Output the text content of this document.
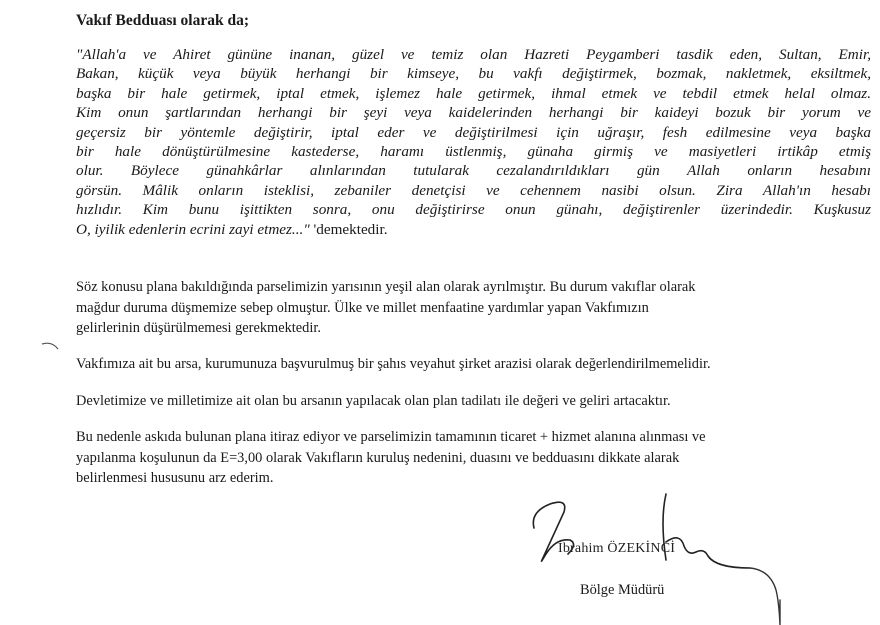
Vakıf Bedduası olarak da;

"Allah'a ve Ahiret gününe inanan, güzel ve temiz olan Hazreti Peygamberi tasdik eden, Sultan, Emir,
Bakan, küçük veya büyük herhangi bir kimseye, bu vakfı değiştirmek, bozmak, nakletmek, eksiltmek,
başka bir hale getirmek, iptal etmek, işlemez hale getirmek, ihmal etmek ve tebdil etmek helal olmaz.
Kim onun şartlarından herhangi bir şeyi veya kaidelerinden herhangi bir kaideyi bozuk bir yorum ve
geçersiz bir yöntemle değiştirir, iptal eder ve değiştirilmesi için uğraşır, fesh edilmesine veya başka
bir hale dönüştürülmesine kastederse, haramı üstlenmiş, günaha girmiş ve masiyetleri irtikâp etmiş
olur. Böylece günahkârlar alınlarından tutularak cezalandırıldıkları gün Allah onların hesabını
görsün. Mâlik onların isteklisi, zebaniler denetçisi ve cehennem nasibi olsun. Zira Allah'ın hesabı
hızlıdır. Kim bunu işittikten sonra, onu değiştirirse onun günahı, değiştirenler üzerindedir. Kuşkusuz
O, iyilik edenlerin ecrini zayi etmez..." 'demektedir.

Söz konusu plana bakıldığında parselimizin yarısının yeşil alan olarak ayrılmıştır. Bu durum vakıflar olarak
mağdur duruma düşmemize sebep olmuştur. Ülke ve millet menfaatine yardımlar yapan Vakfımızın
gelirlerinin düşürülmemesi gerekmektedir.

Vakfımıza ait bu arsa, kurumunuza başvurulmuş bir şahıs veyahut şirket arazisi olarak değerlendirilmemelidir.

Devletimize ve milletimize ait olan bu arsanın yapılacak olan plan tadilatı ile değeri ve geliri artacaktır.

Bu nedenle askıda bulunan plana itiraz ediyor ve parselimizin tamamının ticaret + hizmet alanına alınması ve
yapılanma koşulunun da E=3,00 olarak Vakıfların kuruluş nedenini, duasını ve bedduasını dikkate alarak
belirlenmesi hususunu arz ederim.

İbrahim ÖZEKİNCİ
Bölge Müdürü
